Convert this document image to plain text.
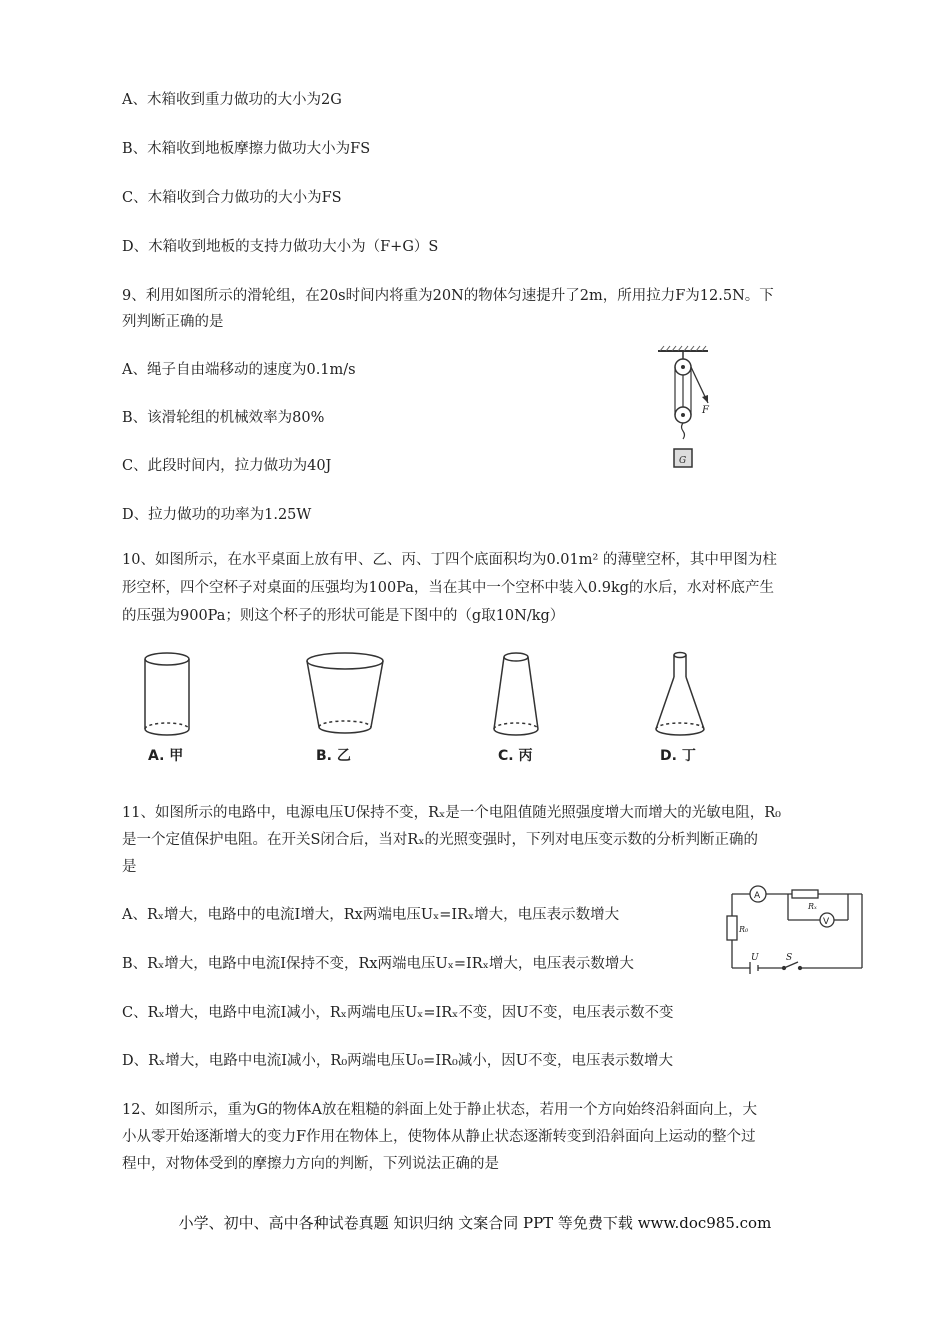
A、木箱收到重力做功的大小为2G
B、木箱收到地板摩擦力做功大小为FS
C、木箱收到合力做功的大小为FS
D、木箱收到地板的支持力做功大小为（F+G）S
9、利用如图所示的滑轮组，在20s时间内将重为20N的物体匀速提升了2m，所用拉力F为12.5N。下
列判断正确的是
A、绳子自由端移动的速度为0.1m/s
B、该滑轮组的机械效率为80%
C、此段时间内，拉力做功为40J
D、拉力做功的功率为1.25W
F
G
10、如图所示，在水平桌面上放有甲、乙、丙、丁四个底面积均为0.01m² 的薄壁空杯，其中甲图为柱
形空杯，四个空杯子对桌面的压强均为100Pa，当在其中一个空杯中装入0.9kg的水后，水对杯底产生
的压强为900Pa；则这个杯子的形状可能是下图中的（g取10N/kg）
A. 甲	B. 乙	C. 丙	D. 丁
11、如图所示的电路中，电源电压U保持不变，Rₓ是一个电阻值随光照强度增大而增大的光敏电阻，R₀
是一个定值保护电阻。在开关S闭合后，当对Rₓ的光照变强时，下列对电压变示数的分析判断正确的
是
A、Rₓ增大，电路中的电流I增大，Rx两端电压Uₓ=IRₓ增大，电压表示数增大
B、Rₓ增大，电路中电流I保持不变，Rx两端电压Uₓ=IRₓ增大，电压表示数增大
C、Rₓ增大，电路中电流I减小，Rₓ两端电压Uₓ=IRₓ不变，因U不变，电压表示数不变
D、Rₓ增大，电路中电流I减小，R₀两端电压U₀=IR₀减小，因U不变，电压表示数增大
A
V
Rₓ
R₀
U	S
12、如图所示，重为G的物体A放在粗糙的斜面上处于静止状态，若用一个方向始终沿斜面向上，大
小从零开始逐渐增大的变力F作用在物体上，使物体从静止状态逐渐转变到沿斜面向上运动的整个过
程中，对物体受到的摩擦力方向的判断，下列说法正确的是
小学、初中、高中各种试卷真题 知识归纳 文案合同 PPT 等免费下载 www.doc985.com
